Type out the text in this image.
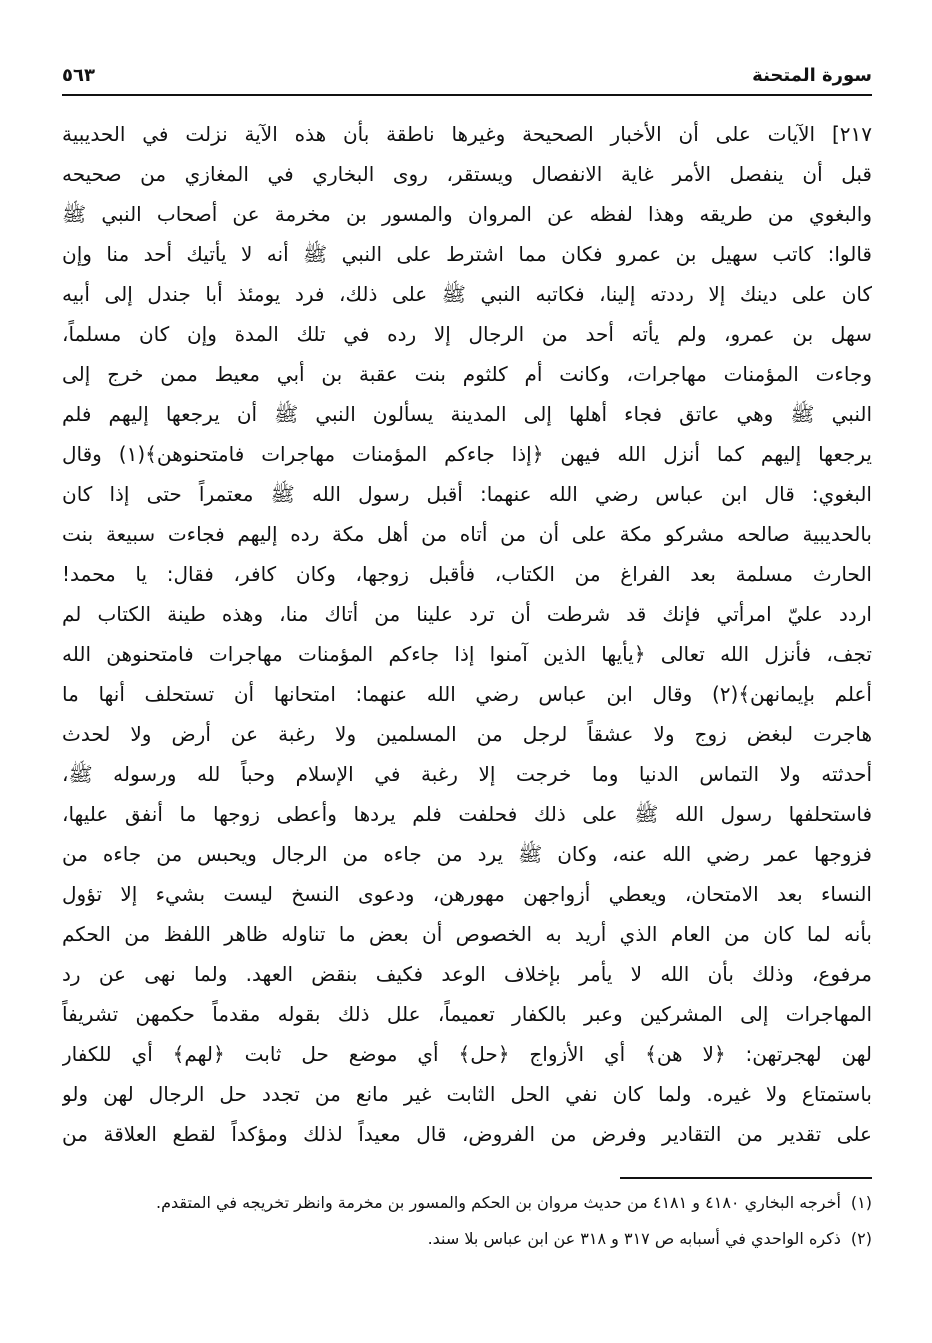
سورة المتحنة
٥٦٣
٢١٧] الآيات على أن الأخبار الصحيحة وغيرها ناطقة بأن هذه الآية نزلت في الحديبية
قبل أن ينفصل الأمر غاية الانفصال ويستقر، روى البخاري في المغازي من صحيحه
والبغوي من طريقه وهذا لفظه عن المروان والمسور بن مخرمة عن أصحاب النبي ﷺ
قالوا: كاتب سهيل بن عمرو فكان مما اشترط على النبي ﷺ أنه لا يأتيك أحد منا وإن
كان على دينك إلا رددته إلينا، فكاتبه النبي ﷺ على ذلك، فرد يومئذ أبا جندل إلى أبيه
سهل بن عمرو، ولم يأته أحد من الرجال إلا رده في تلك المدة وإن كان مسلماً،
وجاءت المؤمنات مهاجرات، وكانت أم كلثوم بنت عقبة بن أبي معيط ممن خرج إلى
النبي ﷺ وهي عاتق فجاء أهلها إلى المدينة يسألون النبي ﷺ أن يرجعها إليهم فلم
يرجعها إليهم كما أنزل الله فيهن ﴿إذا جاءكم المؤمنات مهاجرات فامتحنوهن﴾(١) وقال
البغوي: قال ابن عباس رضي الله عنهما: أقبل رسول الله ﷺ معتمراً حتى إذا كان
بالحديبية صالحه مشركو مكة على أن من أتاه من أهل مكة رده إليهم فجاءت سبيعة بنت
الحارث مسلمة بعد الفراغ من الكتاب، فأقبل زوجها، وكان كافر، فقال: يا محمد!
اردد عليّ امرأتي فإنك قد شرطت أن ترد علينا من أتاك منا، وهذه طينة الكتاب لم
تجف، فأنزل الله تعالى ﴿يأيها الذين آمنوا إذا جاءكم المؤمنات مهاجرات فامتحنوهن الله
أعلم بإيمانهن﴾(٢) وقال ابن عباس رضي الله عنهما: امتحانها أن تستحلف أنها ما
هاجرت لبغض زوج ولا عشقاً لرجل من المسلمين ولا رغبة عن أرض ولا لحدث
أحدثته ولا التماس الدنيا وما خرجت إلا رغبة في الإسلام وحباً لله ورسوله ﷺ،
فاستحلفها رسول الله ﷺ على ذلك فحلفت فلم يردها وأعطى زوجها ما أنفق عليها،
فزوجها عمر رضي الله عنه، وكان ﷺ يرد من جاءه من الرجال ويحبس من جاءه من
النساء بعد الامتحان، ويعطي أزواجهن مهورهن، ودعوى النسخ ليست بشيء إلا تؤول
بأنه لما كان من العام الذي أريد به الخصوص أن بعض ما تناوله ظاهر اللفظ من الحكم
مرفوع، وذلك بأن الله لا يأمر بإخلاف الوعد فكيف بنقض العهد. ولما نهى عن رد
المهاجرات إلى المشركين وعبر بالكفار تعميماً، علل ذلك بقوله مقدماً حكمهن تشريفاً
لهن لهجرتهن: ﴿لا هن﴾ أي الأزواج ﴿حل﴾ أي موضع حل ثابت ﴿لهم﴾ أي للكفار
باستمتاع ولا غيره. ولما كان نفي الحل الثابت غير مانع من تجدد حل الرجال لهن ولو
على تقدير من التقادير وفرض من الفروض، قال معيداً لذلك ومؤكداً لقطع العلاقة من
(١)
أخرجه البخاري ٤١٨٠ و ٤١٨١ من حديث مروان بن الحكم والمسور بن مخرمة وانظر تخريجه في المتقدم.
(٢)
ذكره الواحدي في أسبابه ص ٣١٧ و ٣١٨ عن ابن عباس بلا سند.
